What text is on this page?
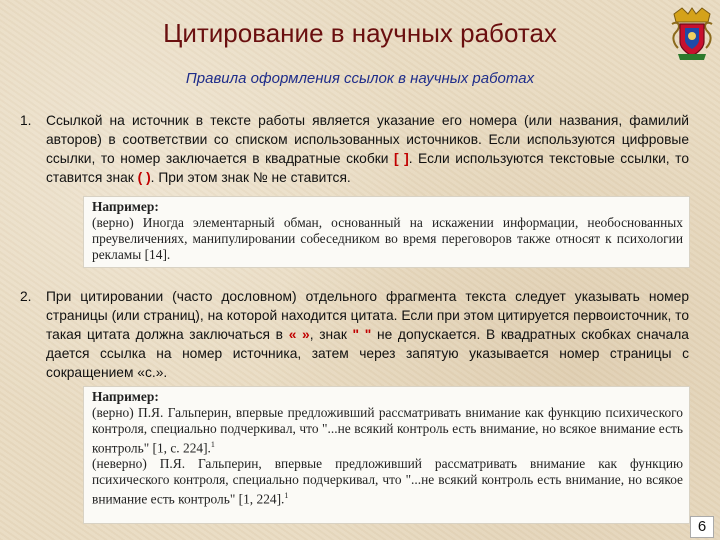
Цитирование в научных работах
Правила оформления ссылок в научных работах
1. Ссылкой на источник в тексте работы является указание его номера (или названия, фамилий авторов) в соответствии со списком использованных источников. Если используются цифровые ссылки, то номер заключается в квадратные скобки [ ]. Если используются текстовые ссылки, то ставится знак ( ). При этом знак № не ставится.
Например:
(верно) Иногда элементарный обман, основанный на искажении информации, необоснованных преувеличениях, манипулировании собеседником во время переговоров также относят к психологии рекламы [14].
2. При цитировании (часто дословном) отдельного фрагмента текста следует указывать номер страницы (или страниц), на которой находится цитата. Если при этом цитируется первоисточник, то такая цитата должна заключаться в « », знак " " не допускается. В квадратных скобках сначала дается ссылка на номер источника, затем через запятую указывается номер страницы с сокращением «с.».
Например:
(верно) П.Я. Гальперин, впервые предложивший рассматривать внимание как функцию психического контроля, специально подчеркивал, что "...не всякий контроль есть внимание, но всякое внимание есть контроль" [1, с. 224].$^1$
(неверно) П.Я. Гальперин, впервые предложивший рассматривать внимание как функцию психического контроля, специально подчеркивал, что "...не всякий контроль есть внимание, но всякое внимание есть контроль" [1, 224].$^1$
6
